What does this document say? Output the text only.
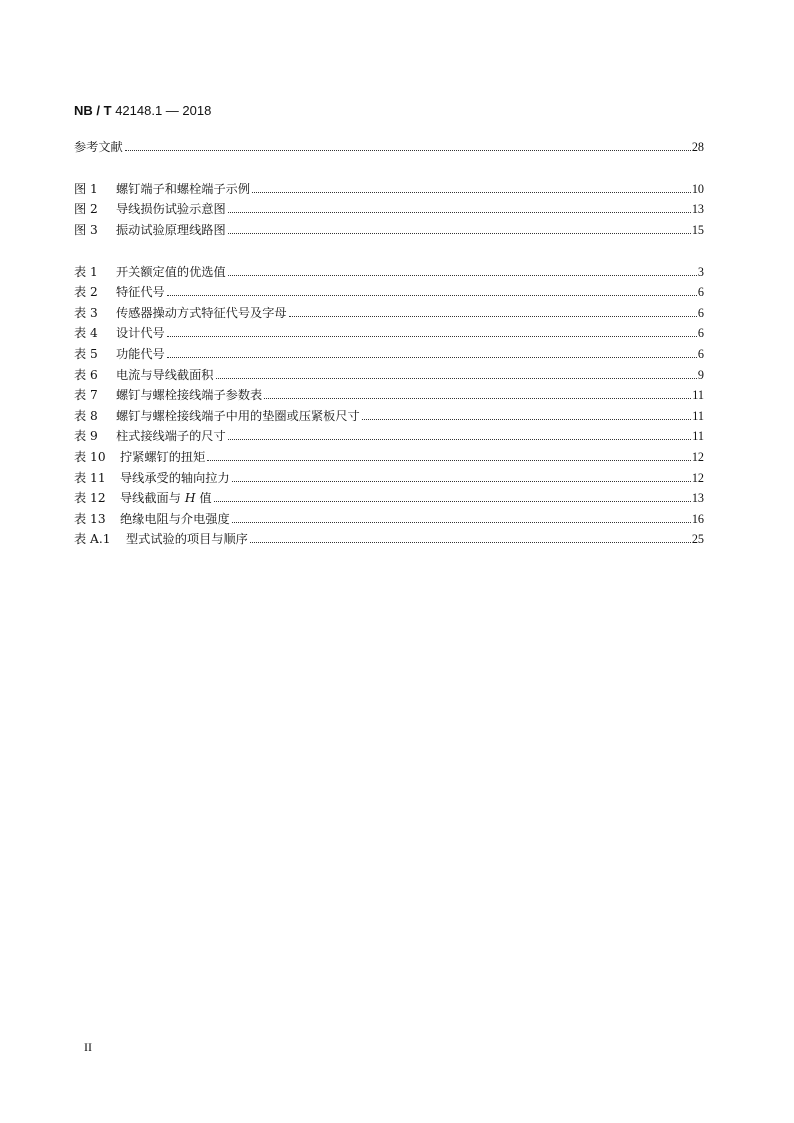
NB / T 42148.1 — 2018
参考文献	28
图 1	螺钉端子和螺栓端子示例	10
图 2	导线损伤试验示意图	13
图 3	振动试验原理线路图	15
表 1	开关额定值的优选值	3
表 2	特征代号	6
表 3	传感器操动方式特征代号及字母	6
表 4	设计代号	6
表 5	功能代号	6
表 6	电流与导线截面积	9
表 7	螺钉与螺栓接线端子参数表	11
表 8	螺钉与螺栓接线端子中用的垫圈或压紧板尺寸	11
表 9	柱式接线端子的尺寸	11
表 10	拧紧螺钉的扭矩	12
表 11	导线承受的轴向拉力	12
表 12	导线截面与 H 值	13
表 13	绝缘电阻与介电强度	16
表 A.1	型式试验的项目与顺序	25
II
